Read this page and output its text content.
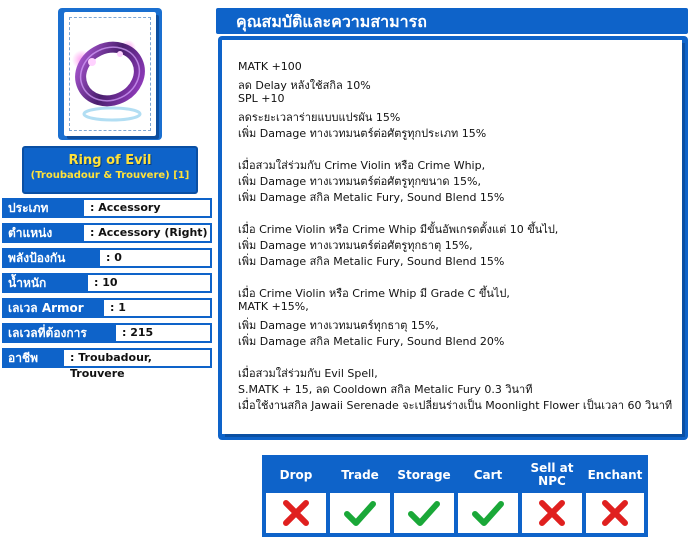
Ring of Evil
(Troubadour & Trouvere) [1]
ประเภท	: Accessory
ตำแหน่ง	: Accessory (Right)
พลังป้องกัน	: 0
น้ำหนัก	: 10
เลเวล Armor	: 1
เลเวลที่ต้องการ	: 215
อาชีพ	: Troubadour, Trouvere
คุณสมบัติและความสามารถ
MATK +100
ลด Delay หลังใช้สกิล 10%
SPL +10
ลดระยะเวลาร่ายแบบแปรผัน 15%
เพิ่ม Damage ทางเวทมนตร์ต่อศัตรูทุกประเภท 15%
เมื่อสวมใส่ร่วมกับ Crime Violin หรือ Crime Whip,
เพิ่ม Damage ทางเวทมนตร์ต่อศัตรูทุกขนาด 15%,
เพิ่ม Damage สกิล Metalic Fury, Sound Blend 15%
เมื่อ Crime Violin หรือ Crime Whip มีขั้นอัพเกรดตั้งแต่ 10 ขึ้นไป,
เพิ่ม Damage ทางเวทมนตร์ต่อศัตรูทุกธาตุ 15%,
เพิ่ม Damage สกิล Metalic Fury, Sound Blend 15%
เมื่อ Crime Violin หรือ Crime Whip มี Grade C ขึ้นไป,
MATK +15%,
เพิ่ม Damage ทางเวทมนตร์ทุกธาตุ 15%,
เพิ่ม Damage สกิล Metalic Fury, Sound Blend 20%
เมื่อสวมใส่ร่วมกับ Evil Spell,
S.MATK + 15, ลด Cooldown สกิล Metalic Fury 0.3 วินาที
เมื่อใช้งานสกิล Jawaii Serenade จะเปลี่ยนร่างเป็น Moonlight Flower เป็นเวลา 60 วินาที
Drop	Trade	Storage	Cart	Sell at NPC	Enchant
